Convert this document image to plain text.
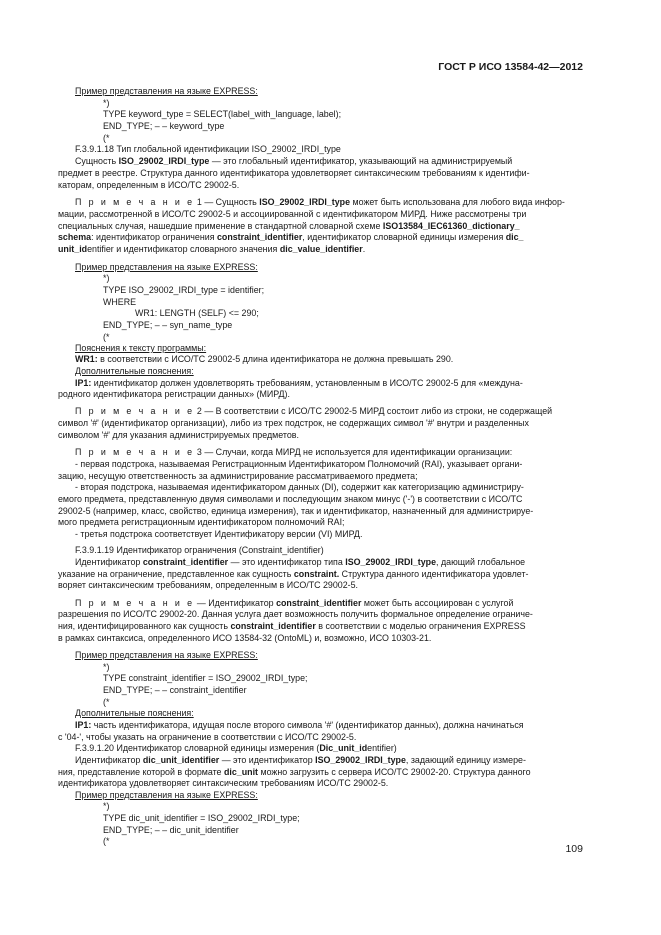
ГОСТ Р ИСО 13584-42—2012
Пример представления на языке EXPRESS:
*)
TYPE keyword_type = SELECT(label_with_language, label);
END_TYPE; – – keyword_type
(*
F.3.9.1.18 Тип глобальной идентификации ISO_29002_IRDI_type
Сущность ISO_29002_IRDI_type — это глобальный идентификатор, указывающий на администрируемый
предмет в реестре. Структура данного идентификатора удовлетворяет синтаксическим требованиям к идентифи-
каторам, определенным в ИСО/ТС 29002-5.
П р и м е ч а н и е 1 — Сущность ISO_29002_IRDI_type может быть использована для любого вида инфор-
мации, рассмотренной в ИСО/ТС 29002-5 и ассоциированной с идентификатором МИРД. Ниже рассмотрены три
специальных случая, нашедшие применение в стандартной словарной схеме ISO13584_IEC61360_dictionary_
schema: идентификатор ограничения constraint_identifier, идентификатор словарной единицы измерения dic_
unit_identifier и идентификатор словарного значения dic_value_identifier.
Пример представления на языке EXPRESS:
*)
TYPE ISO_29002_IRDI_type = identifier;
WHERE
WR1: LENGTH (SELF) <= 290;
END_TYPE; – – syn_name_type
(*
Пояснения к тексту программы:
WR1: в соответствии с ИСО/ТС 29002-5 длина идентификатора не должна превышать 290.
Дополнительные пояснения:
IP1: идентификатор должен удовлетворять требованиям, установленным в ИСО/ТС 29002-5 для «междуна-
родного идентификатора регистрации данных» (МИРД).
П р и м е ч а н и е 2 — В соответствии с ИСО/ТС 29002-5 МИРД состоит либо из строки, не содержащей
символ '#' (идентификатор организации), либо из трех подстрок, не содержащих символ '#' внутри и разделенных
символом '#' для указания администрируемых предметов.
П р и м е ч а н и е 3 — Случаи, когда МИРД не используется для идентификации организации:
- первая подстрока, называемая Регистрационным Идентификатором Полномочий (RAI), указывает органи-
зацию, несущую ответственность за администрирование рассматриваемого предмета;
- вторая подстрока, называемая идентификатором данных (DI), содержит как категоризацию администриру-
емого предмета, представленную двумя символами и последующим знаком минус ('-') в соответствии с ИСО/ТС
29002-5 (например, класс, свойство, единица измерения), так и идентификатор, назначенный для администрируе-
мого предмета регистрационным идентификатором полномочий RAI;
- третья подстрока соответствует Идентификатору версии (VI) МИРД.
F.3.9.1.19 Идентификатор ограничения (Constraint_identifier)
Идентификатор constraint_identifier — это идентификатор типа ISO_29002_IRDI_type, дающий глобальное
указание на ограничение, представленное как сущность constraint. Структура данного идентификатора удовлет-
воряет синтаксическим требованиям, определенным в ИСО/ТС 29002-5.
П р и м е ч а н и е — Идентификатор constraint_identifier может быть ассоциирован с услугой
разрешения по ИСО/ТС 29002-20. Данная услуга дает возможность получить формальное определение ограниче-
ния, идентифицированного как сущность constraint_identifier в соответствии с моделью ограничения EXPRESS
в рамках синтаксиса, определенного ИСО 13584-32 (OntoML) и, возможно, ИСО 10303-21.
Пример представления на языке EXPRESS:
*)
TYPE constraint_identifier = ISO_29002_IRDI_type;
END_TYPE; – – constraint_identifier
(*
Дополнительные пояснения:
IP1: часть идентификатора, идущая после второго символа '#' (идентификатор данных), должна начинаться
с '04-', чтобы указать на ограничение в соответствии с ИСО/ТС 29002-5.
F.3.9.1.20 Идентификатор словарной единицы измерения (Dic_unit_identifier)
Идентификатор dic_unit_identifier — это идентификатор ISO_29002_IRDI_type, задающий единицу измере-
ния, представление которой в формате dic_unit можно загрузить с сервера ИСО/ТС 29002-20. Структура данного
идентификатора удовлетворяет синтаксическим требованиям ИСО/ТС 29002-5.
Пример представления на языке EXPRESS:
*)
TYPE dic_unit_identifier = ISO_29002_IRDI_type;
END_TYPE; – – dic_unit_identifier
(*
109
